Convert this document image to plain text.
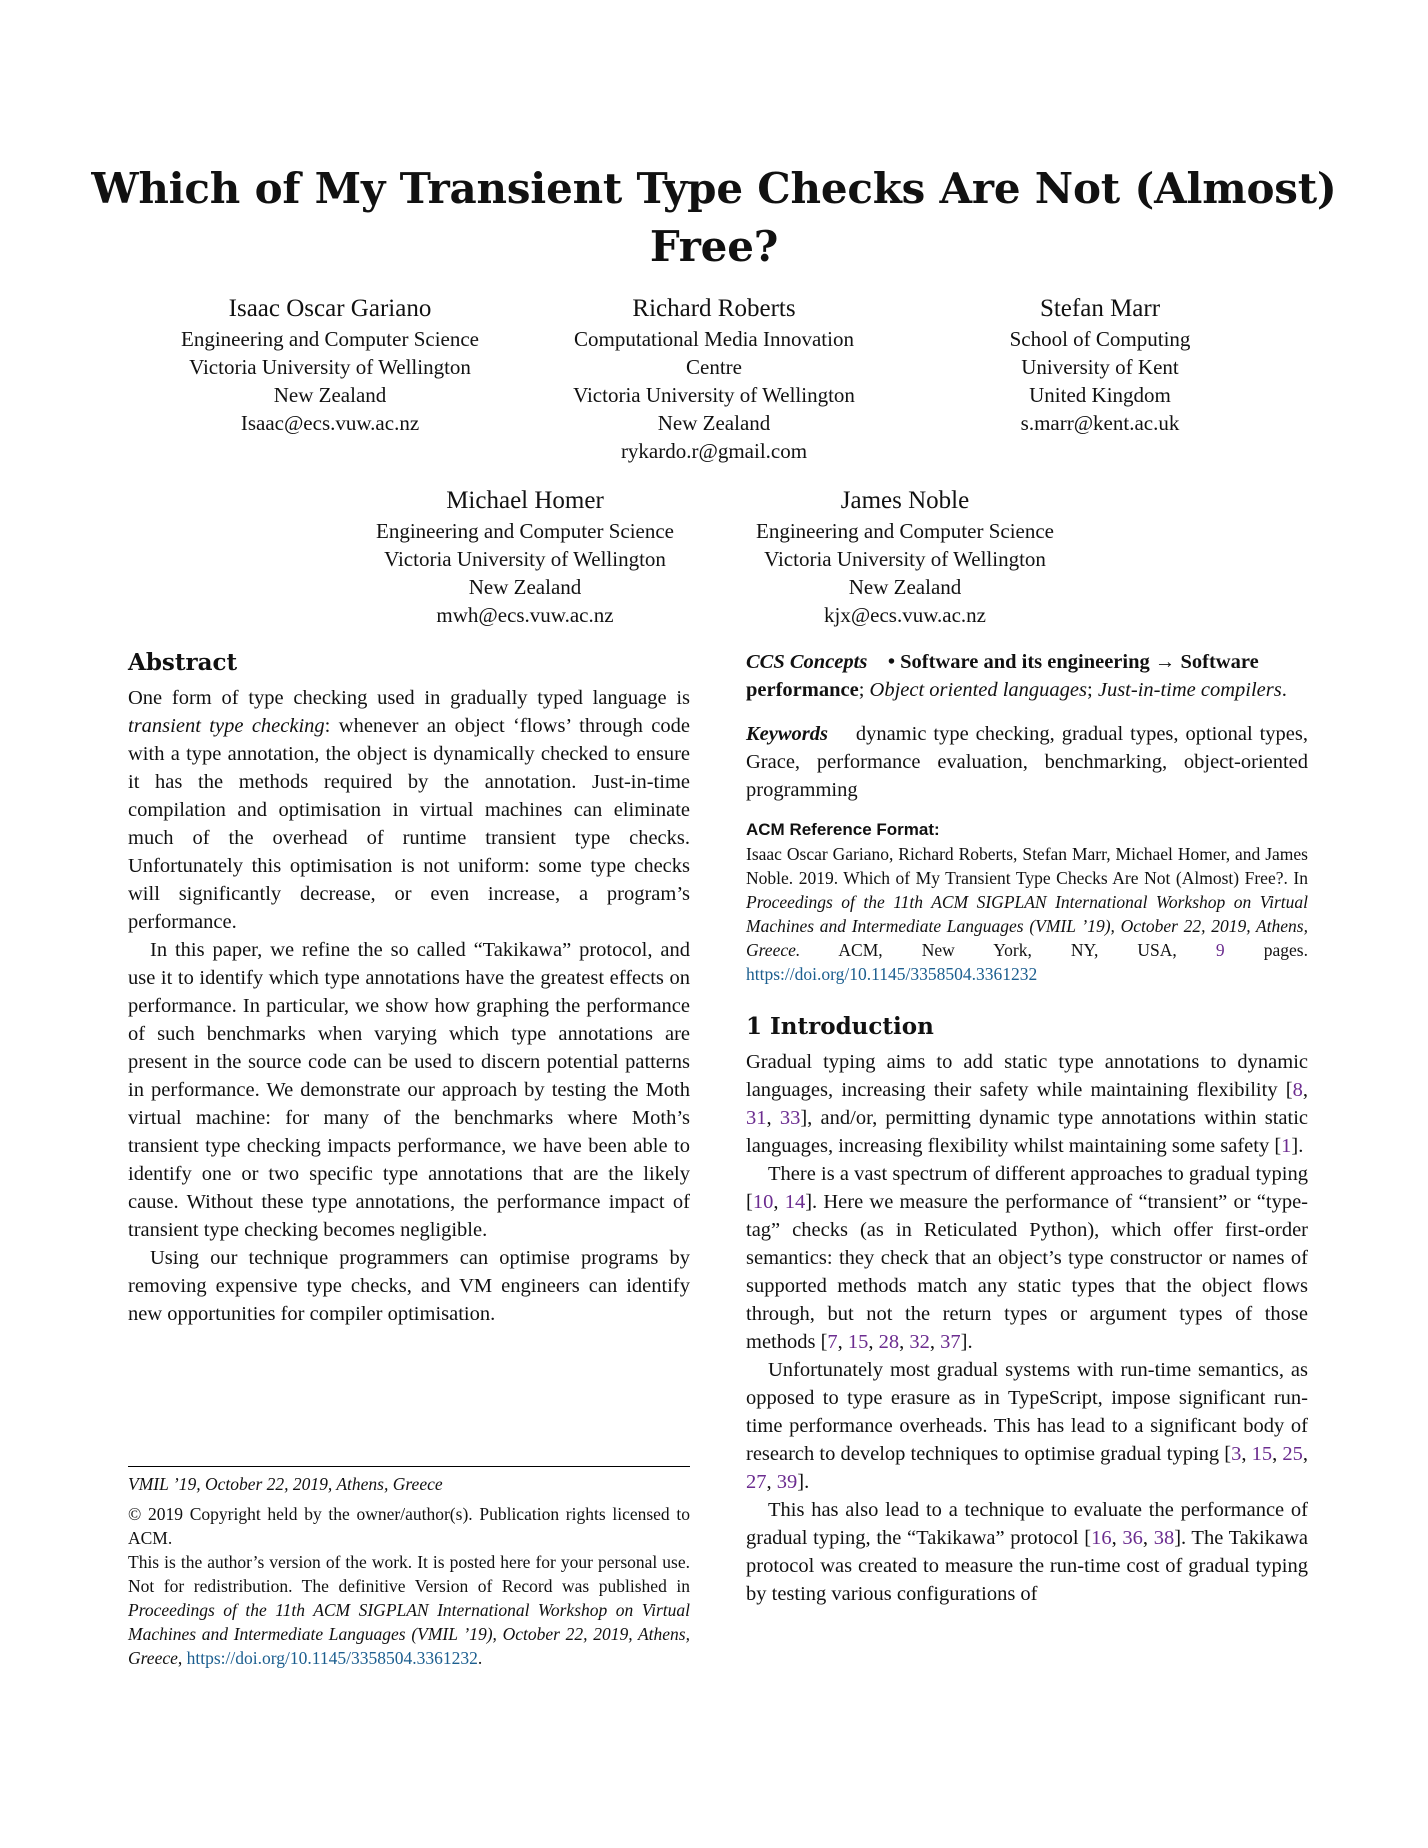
Which of My Transient Type Checks Are Not (Almost) Free?
Isaac Oscar Gariano
Engineering and Computer Science
Victoria University of Wellington
New Zealand
Isaac@ecs.vuw.ac.nz
Richard Roberts
Computational Media Innovation Centre
Victoria University of Wellington
New Zealand
rykardo.r@gmail.com
Stefan Marr
School of Computing
University of Kent
United Kingdom
s.marr@kent.ac.uk
Michael Homer
Engineering and Computer Science
Victoria University of Wellington
New Zealand
mwh@ecs.vuw.ac.nz
James Noble
Engineering and Computer Science
Victoria University of Wellington
New Zealand
kjx@ecs.vuw.ac.nz
Abstract

One form of type checking used in gradually typed language is transient type checking: whenever an object ‘flows’ through code with a type annotation, the object is dynamically checked to ensure it has the methods required by the annotation. Just-in-time compilation and optimisation in virtual machines can eliminate much of the overhead of runtime transient type checks. Unfortunately this optimisation is not uniform: some type checks will significantly decrease, or even increase, a program’s performance.

In this paper, we refine the so called “Takikawa” protocol, and use it to identify which type annotations have the greatest effects on performance. In particular, we show how graphing the performance of such benchmarks when varying which type annotations are present in the source code can be used to discern potential patterns in performance. We demonstrate our approach by testing the Moth virtual machine: for many of the benchmarks where Moth’s transient type checking impacts performance, we have been able to identify one or two specific type annotations that are the likely cause. Without these type annotations, the performance impact of transient type checking becomes negligible.

Using our technique programmers can optimise programs by removing expensive type checks, and VM engineers can identify new opportunities for compiler optimisation.

VMIL ’19, October 22, 2019, Athens, Greece
© 2019 Copyright held by the owner/author(s). Publication rights licensed to ACM.
This is the author’s version of the work. It is posted here for your personal use. Not for redistribution. The definitive Version of Record was published in Proceedings of the 11th ACM SIGPLAN International Workshop on Virtual Machines and Intermediate Languages (VMIL ’19), October 22, 2019, Athens, Greece, https://doi.org/10.1145/3358504.3361232.

CCS Concepts • Software and its engineering → Software performance; Object oriented languages; Just-in-time compilers.

Keywords dynamic type checking, gradual types, optional types, Grace, performance evaluation, benchmarking, object-oriented programming

ACM Reference Format:
Isaac Oscar Gariano, Richard Roberts, Stefan Marr, Michael Homer, and James Noble. 2019. Which of My Transient Type Checks Are Not (Almost) Free?. In Proceedings of the 11th ACM SIGPLAN International Workshop on Virtual Machines and Intermediate Languages (VMIL ’19), October 22, 2019, Athens, Greece. ACM, New York, NY, USA, 9 pages. https://doi.org/10.1145/3358504.3361232
1 Introduction

Gradual typing aims to add static type annotations to dynamic languages, increasing their safety while maintaining flexibility [8, 31, 33], and/or, permitting dynamic type annotations within static languages, increasing flexibility whilst maintaining some safety [1].

There is a vast spectrum of different approaches to gradual typing [10, 14]. Here we measure the performance of “transient” or “type-tag” checks (as in Reticulated Python), which offer first-order semantics: they check that an object’s type constructor or names of supported methods match any static types that the object flows through, but not the return types or argument types of those methods [7, 15, 28, 32, 37].

Unfortunately most gradual systems with run-time semantics, as opposed to type erasure as in TypeScript, impose significant run-time performance overheads. This has lead to a significant body of research to develop techniques to optimise gradual typing [3, 15, 25, 27, 39].

This has also lead to a technique to evaluate the performance of gradual typing, the “Takikawa” protocol [16, 36, 38]. The Takikawa protocol was created to measure the run-time cost of gradual typing by testing various configurations of
